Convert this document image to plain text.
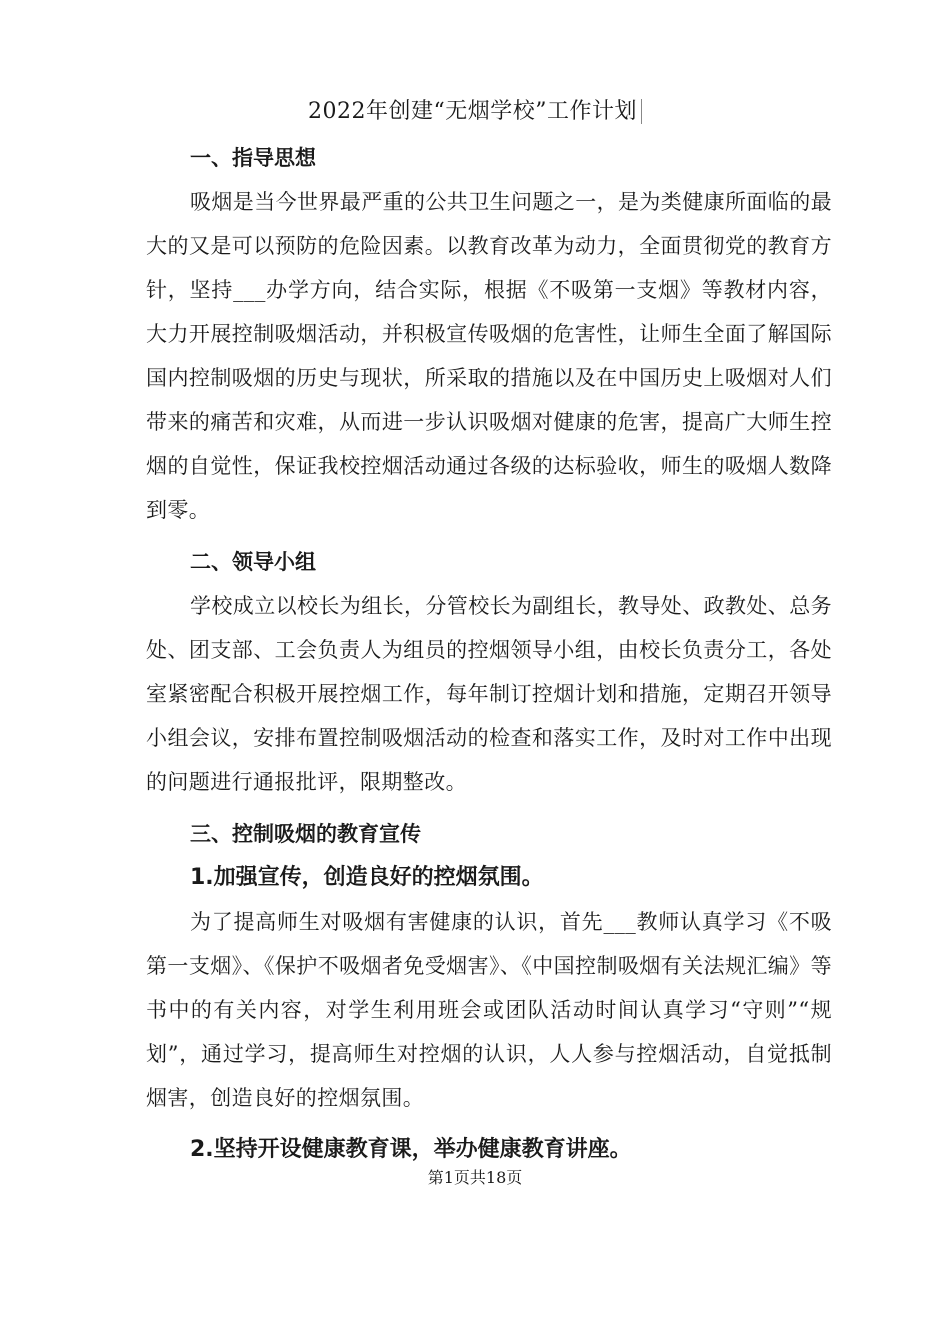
2022年创建“无烟学校”工作计划
一、指导思想

吸烟是当今世界最严重的公共卫生问题之一，是为类健康所面临的最大的又是可以预防的危险因素。以教育改革为动力，全面贯彻党的教育方针，坚持___办学方向，结合实际，根据《不吸第一支烟》等教材内容，大力开展控制吸烟活动，并积极宣传吸烟的危害性，让师生全面了解国际国内控制吸烟的历史与现状，所采取的措施以及在中国历史上吸烟对人们带来的痛苦和灾难，从而进一步认识吸烟对健康的危害，提高广大师生控烟的自觉性，保证我校控烟活动通过各级的达标验收，师生的吸烟人数降到零。

二、领导小组

学校成立以校长为组长，分管校长为副组长，教导处、政教处、总务处、团支部、工会负责人为组员的控烟领导小组，由校长负责分工，各处室紧密配合积极开展控烟工作，每年制订控烟计划和措施，定期召开领导小组会议，安排布置控制吸烟活动的检查和落实工作，及时对工作中出现的问题进行通报批评，限期整改。

三、控制吸烟的教育宣传
1.加强宣传，创造良好的控烟氛围。

为了提高师生对吸烟有害健康的认识，首先___教师认真学习《不吸第一支烟》、《保护不吸烟者免受烟害》、《中国控制吸烟有关法规汇编》等书中的有关内容，对学生利用班会或团队活动时间认真学习“守则”“规划”，通过学习，提高师生对控烟的认识，人人参与控烟活动，自觉抵制烟害，创造良好的控烟氛围。

2.坚持开设健康教育课，举办健康教育讲座。
第1页共18页
